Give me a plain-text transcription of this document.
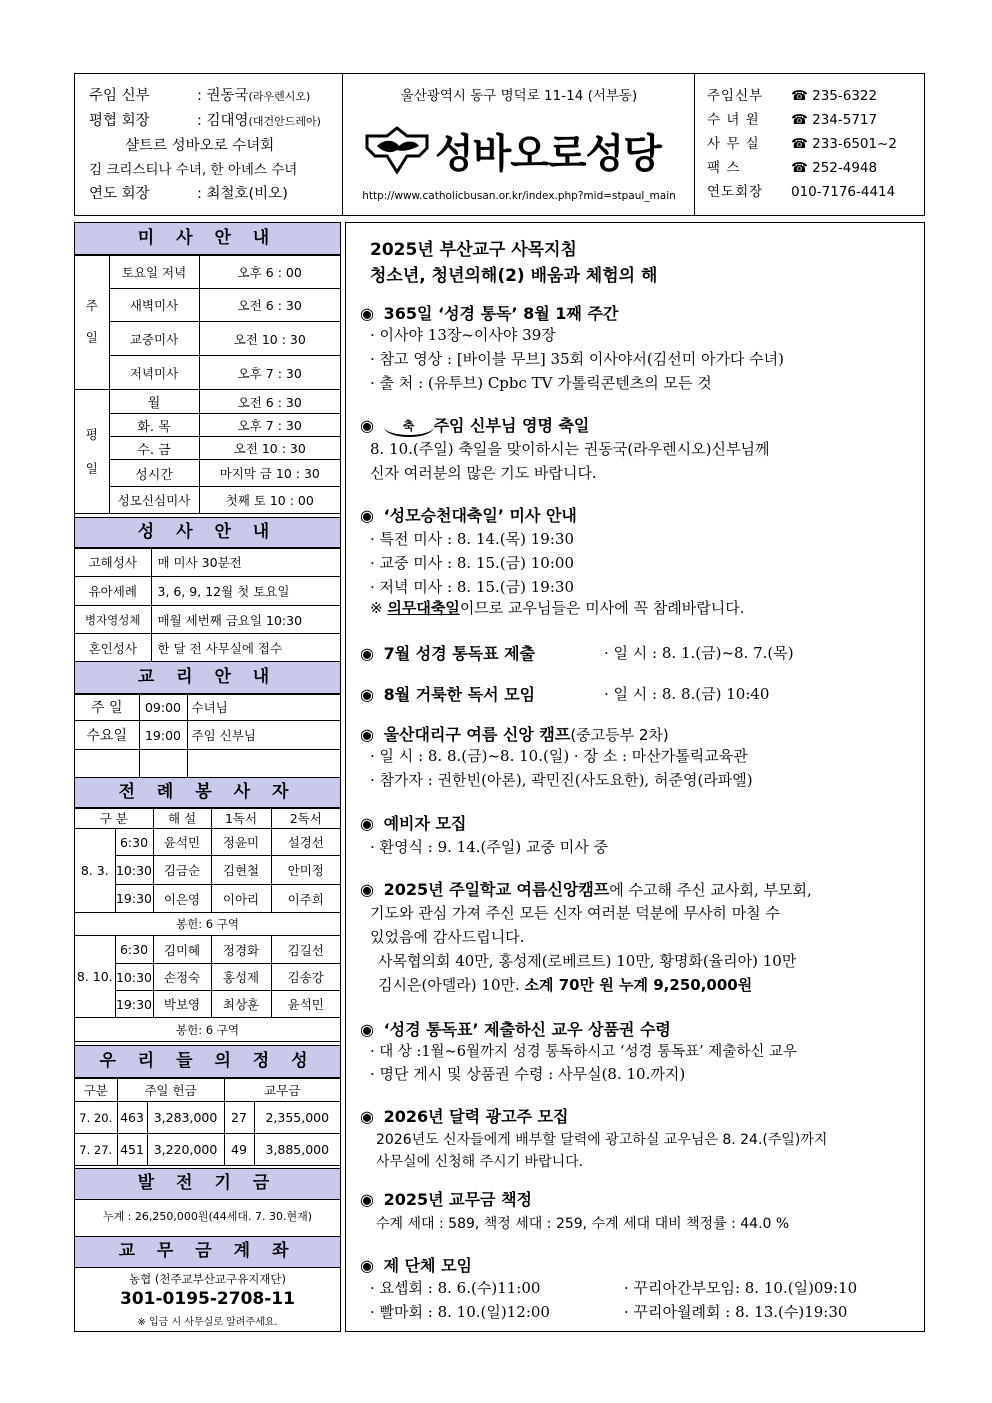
주임 신부	: 권동국(라우렌시오)
평협 회장	: 김대영(대건안드레아)
샬트르 성바오로 수녀회
김 크리스티나 수녀, 한 아녜스 수녀
연도 회장	: 최철호(비오)
울산광역시 동구 명덕로 11-14 (서부동)
성바오로성당
http://www.catholicbusan.or.kr/index.php?mid=stpaul_main
주임신부	☎ 235-6322
수 녀 원	☎ 234-5717
사 무 실	☎ 233-6501~2
팩 스	☎ 252-4948
연도회장	010-7176-4414
미 사 안 내
주
일	토요일 저녁	오후 6 : 00
	새벽미사	오전 6 : 30
	교중미사	오전 10 : 30
	저녁미사	오후 7 : 30

평
일	월	오전 6 : 30
	화. 목	오후 7 : 30
	수. 금	오전 10 : 30
	성시간	마지막 금 10 : 30
	성모신심미사	첫째 토 10 : 00
성 사 안 내
고해성사	매 미사 30분전
유아세례	3, 6, 9, 12월 첫 토요일
병자영성체	매월 세번째 금요일 10:30
혼인성사	한 달 전 사무실에 접수
교 리 안 내
주 일	09:00	수녀님
수요일	19:00	주임 신부님

전 례 봉 사 자
구 분		해 설	1독서	2독서
8. 3.	6:30	윤석민	정윤미	설경선
	10:30	김금순	김현철	안미정
	19:30	이은영	이아리	이주희
봉헌: 6 구역				
8. 10.	6:30	김미혜	정경화	김길선
	10:30	손정숙	홍성제	김송강
	19:30	박보영	최상훈	윤석민
봉헌: 6 구역				
우 리 들 의 정 성
구분	주일 헌금		교무금	
7. 20.	463	3,283,000	27	2,355,000
7. 27.	451	3,220,000	49	3,885,000
발 전 기 금
누계 : 26,250,000원(44세대. 7. 30.현재)
교 무 금 계 좌
농협 (천주교부산교구유지재단)
301-0195-2708-11
※ 입금 시 사무실로 알려주세요.
2025년 부산교구 사목지침
청소년, 청년의해(2) 배움과 체험의 해
◉ 365일 ‘성경 통독’ 8월 1째 주간
· 이사야 13장~이사야 39장
· 참고 영상 : [바이블 무브] 35회 이사야서(김선미 아가다 수녀)
· 출 처 : (유투브) Cpbc TV 가톨릭콘텐츠의 모든 것
◉ 축 주임 신부님 영명 축일
8. 10.(주일) 축일을 맞이하시는 권동국(라우렌시오)신부님께
신자 여러분의 많은 기도 바랍니다.
◉ ‘성모승천대축일’ 미사 안내
· 특전 미사 : 8. 14.(목) 19:30
· 교중 미사 : 8. 15.(금) 10:00
· 저녁 미사 : 8. 15.(금) 19:30
※ 의무대축일이므로 교우님들은 미사에 꼭 참례바랍니다.
◉ 7월 성경 통독표 제출	· 일 시 : 8. 1.(금)~8. 7.(목)
◉ 8월 거룩한 독서 모임	· 일 시 : 8. 8.(금) 10:40
◉ 울산대리구 여름 신앙 캠프(중고등부 2차)
· 일 시 : 8. 8.(금)~8. 10.(일) · 장 소 : 마산가톨릭교육관
· 참가자 : 권한빈(아론), 곽민진(사도요한), 허준영(라파엘)
◉ 예비자 모집
· 환영식 : 9. 14.(주일) 교중 미사 중
◉ 2025년 주일학교 여름신앙캠프에 수고해 주신 교사회, 부모회,
기도와 관심 가져 주신 모든 신자 여러분 덕분에 무사히 마칠 수
있었음에 감사드립니다.
사목협의회 40만, 홍성제(로베르트) 10만, 황명화(율리아) 10만
김시은(아델라) 10만. 소계 70만 원 누계 9,250,000원
◉ ‘성경 통독표’ 제출하신 교우 상품권 수령
· 대 상 :1월~6월까지 성경 통독하시고 ‘성경 통독표’ 제출하신 교우
· 명단 게시 및 상품권 수령 : 사무실(8. 10.까지)
◉ 2026년 달력 광고주 모집
2026년도 신자들에게 배부할 달력에 광고하실 교우님은 8. 24.(주일)까지
사무실에 신청해 주시기 바랍니다.
◉ 2025년 교무금 책정
수계 세대 : 589, 책정 세대 : 259, 수계 세대 대비 책정률 : 44.0 %
◉ 제 단체 모임
· 요셉회 : 8. 6.(수)11:00	· 꾸리아간부모임: 8. 10.(일)09:10
· 빨마회 : 8. 10.(일)12:00	· 꾸리아월례회 : 8. 13.(수)19:30
